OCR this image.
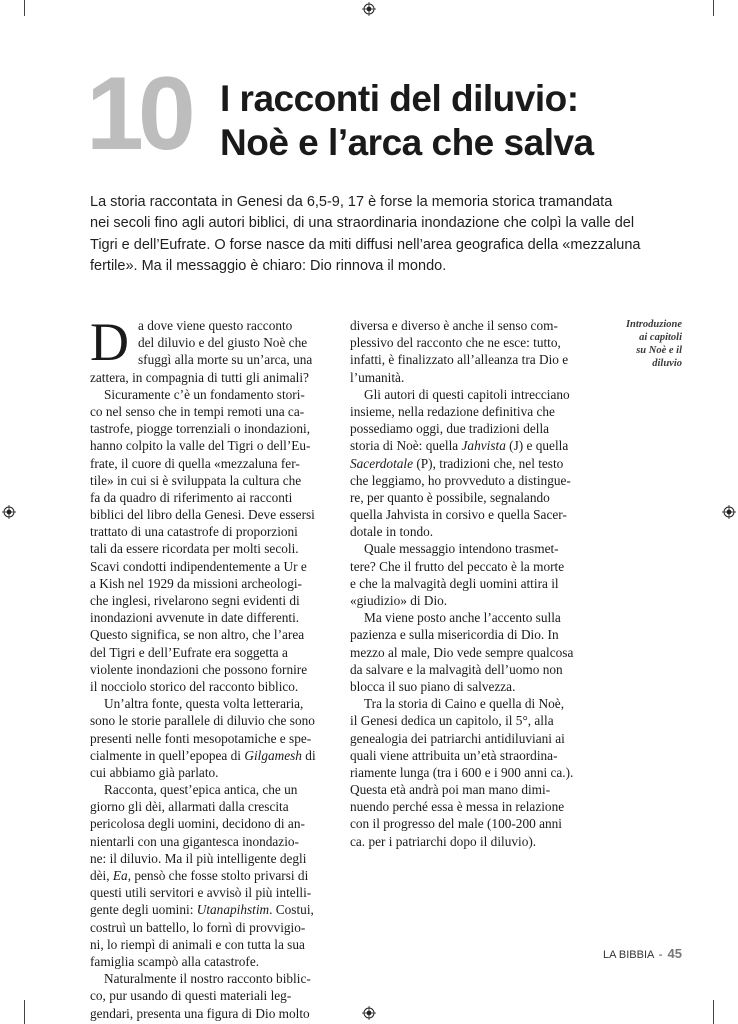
10 I racconti del diluvio:
Noè e l’arca che salva

La storia raccontata in Genesi da 6,5-9, 17 è forse la memoria storica tramandata
nei secoli fino agli autori biblici, di una straordinaria inondazione che colpì la valle del
Tigri e dell’Eufrate. O forse nasce da miti diffusi nell’area geografica della «mezzaluna
fertile». Ma il messaggio è chiaro: Dio rinnova il mondo.

D a dove viene questo racconto
del diluvio e del giusto Noè che
sfuggì alla morte su un’arca, una
zattera, in compagnia di tutti gli animali?
Sicuramente c’è un fondamento stori-
co nel senso che in tempi remoti una ca-
tastrofe, piogge torrenziali o inondazioni,
hanno colpito la valle del Tigri o dell’Eu-
frate, il cuore di quella «mezzaluna fer-
tile» in cui si è sviluppata la cultura che
fa da quadro di riferimento ai racconti
biblici del libro della Genesi. Deve essersi
trattato di una catastrofe di proporzioni
tali da essere ricordata per molti secoli.
Scavi condotti indipendentemente a Ur e
a Kish nel 1929 da missioni archeologi-
che inglesi, rivelarono segni evidenti di
inondazioni avvenute in date differenti.
Questo significa, se non altro, che l’area
del Tigri e dell’Eufrate era soggetta a
violente inondazioni che possono fornire
il nocciolo storico del racconto biblico.
Un’altra fonte, questa volta letteraria,
sono le storie parallele di diluvio che sono
presenti nelle fonti mesopotamiche e spe-
cialmente in quell’epopea di Gilgamesh di
cui abbiamo già parlato.
Racconta, quest’epica antica, che un
giorno gli dèi, allarmati dalla crescita
pericolosa degli uomini, decidono di an-
nientarli con una gigantesca inondazio-
ne: il diluvio. Ma il più intelligente degli
dèi, Ea, pensò che fosse stolto privarsi di
questi utili servitori e avvisò il più intelli-
gente degli uomini: Utanapihstim. Costui,
costruì un battello, lo fornì di provvigio-
ni, lo riempì di animali e con tutta la sua
famiglia scampò alla catastrofe.
Naturalmente il nostro racconto biblic-
co, pur usando di questi materiali leg-
gendari, presenta una figura di Dio molto
diversa e diverso è anche il senso com-
plessivo del racconto che ne esce: tutto,
infatti, è finalizzato all’alleanza tra Dio e
l’umanità.
Gli autori di questi capitoli intrecciano
insieme, nella redazione definitiva che
possediamo oggi, due tradizioni della
storia di Noè: quella Jahvista (J) e quella
Sacerdotale (P), tradizioni che, nel testo
che leggiamo, ho provveduto a distingue-
re, per quanto è possibile, segnalando
quella Jahvista in corsivo e quella Sacer-
dotale in tondo.
Quale messaggio intendono trasmet-
tere? Che il frutto del peccato è la morte
e che la malvagità degli uomini attira il
«giudizio» di Dio.
Ma viene posto anche l’accento sulla
pazienza e sulla misericordia di Dio. In
mezzo al male, Dio vede sempre qualcosa
da salvare e la malvagità dell’uomo non
blocca il suo piano di salvezza.
Tra la storia di Caino e quella di Noè,
il Genesi dedica un capitolo, il 5°, alla
genealogia dei patriarchi antidiluviani ai
quali viene attribuita un’età straordina-
riamente lunga (tra i 600 e i 900 anni ca.).
Questa età andrà poi man mano dimi-
nuendo perché essa è messa in relazione
con il progresso del male (100-200 anni
ca. per i patriarchi dopo il diluvio).

Introduzione
ai capitoli
su Noè e il
diluvio

LA BIBBIA - 45
